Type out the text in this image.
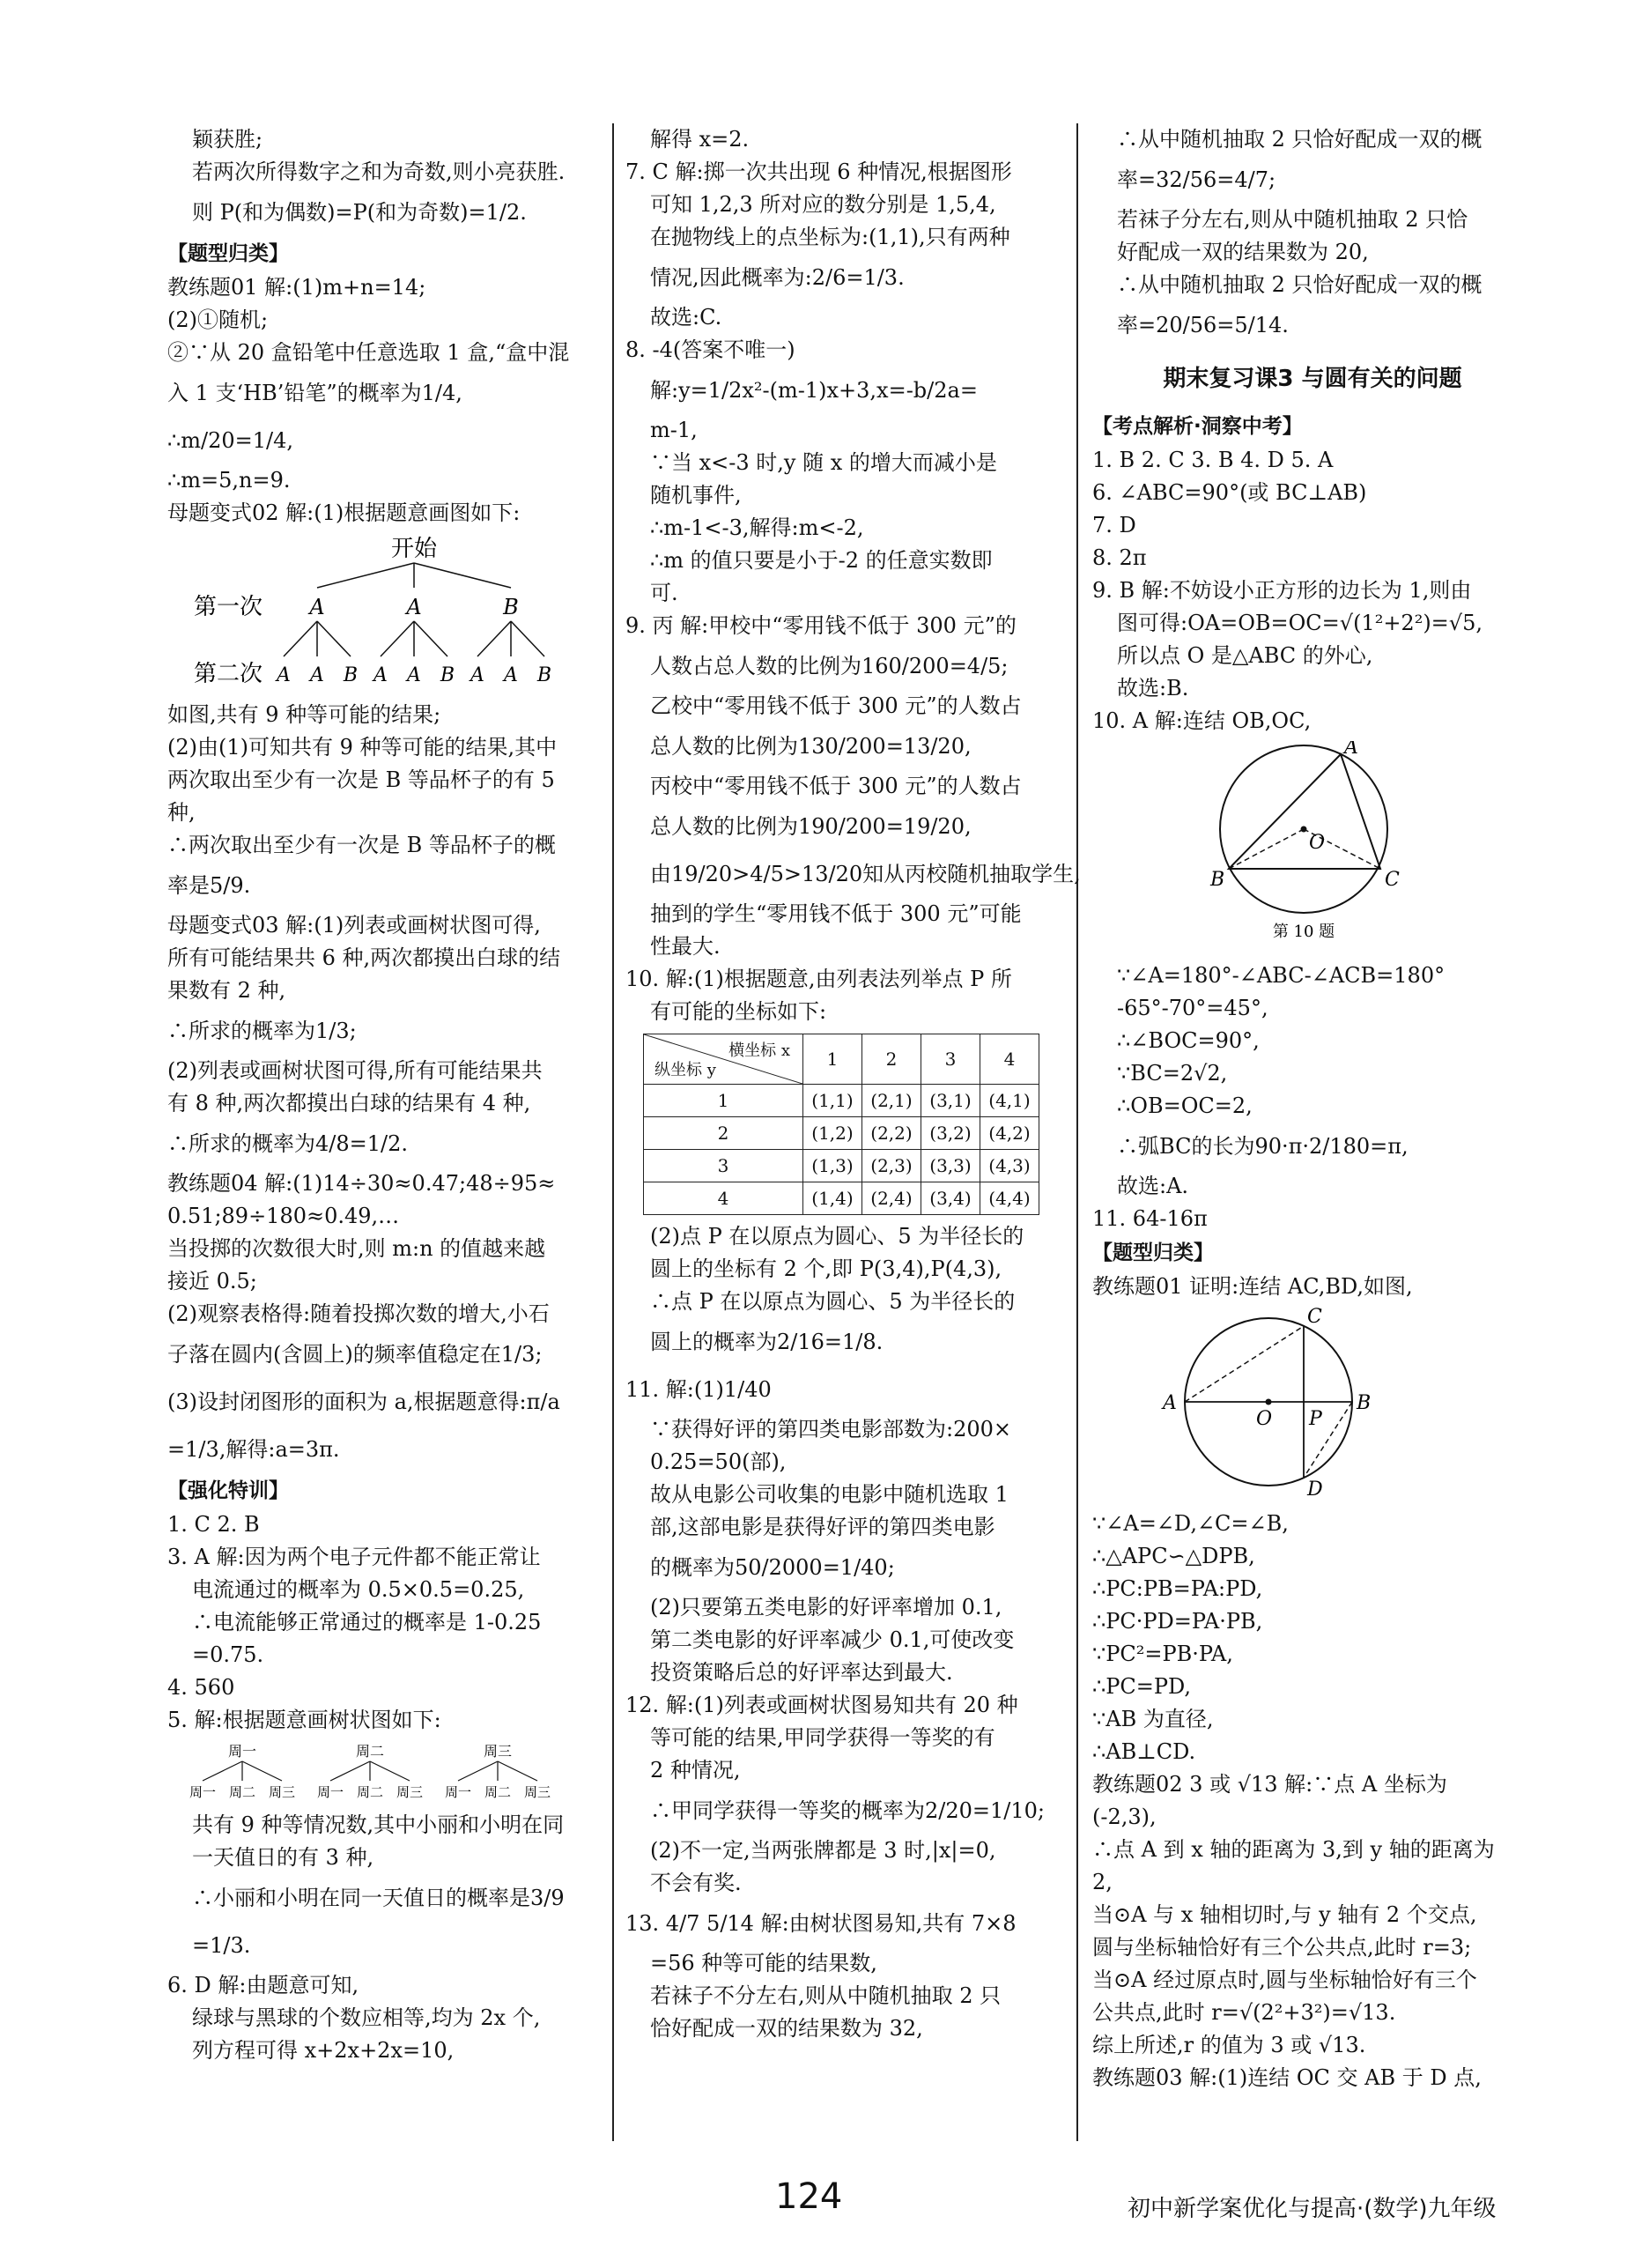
颖获胜;
若两次所得数字之和为奇数,则小亮获胜.
则 P(和为偶数)=P(和为奇数)=1/2.
【题型归类】
教练题01 解:(1)m+n=14;
(2)①随机;
②∵从 20 盒铅笔中任意选取 1 盒,“盒中混
入 1 支‘HB’铅笔”的概率为1/4,
∴m/20=1/4,
∴m=5,n=9.
母题变式02 解:(1)根据题意画图如下:
开始
第一次 A	A	B
第二次 A A B A A B A A B
如图,共有 9 种等可能的结果;
(2)由(1)可知共有 9 种等可能的结果,其中
两次取出至少有一次是 B 等品杯子的有 5
种,
∴两次取出至少有一次是 B 等品杯子的概
率是5/9.
母题变式03 解:(1)列表或画树状图可得,
所有可能结果共 6 种,两次都摸出白球的结
果数有 2 种,
∴所求的概率为1/3;
(2)列表或画树状图可得,所有可能结果共
有 8 种,两次都摸出白球的结果有 4 种,
∴所求的概率为4/8=1/2.
教练题04 解:(1)14÷30≈0.47;48÷95≈
0.51;89÷180≈0.49,…
当投掷的次数很大时,则 m:n 的值越来越
接近 0.5;
(2)观察表格得:随着投掷次数的增大,小石
子落在圆内(含圆上)的频率值稳定在1/3;
(3)设封闭图形的面积为 a,根据题意得:π/a
=1/3,解得:a=3π.
【强化特训】
1. C 2. B
3. A 解:因为两个电子元件都不能正常让
电流通过的概率为 0.5×0.5=0.25,
∴电流能够正常通过的概率是 1-0.25
=0.75.
4. 560
5. 解:根据题意画树状图如下:
周一	周二	周三
周一 周二 周三 周一 周二 周三 周一 周二 周三
共有 9 种等情况数,其中小丽和小明在同
一天值日的有 3 种,
∴小丽和小明在同一天值日的概率是3/9
=1/3.
6. D 解:由题意可知,
绿球与黑球的个数应相等,均为 2x 个,
列方程可得 x+2x+2x=10,
解得 x=2.
7. C 解:掷一次共出现 6 种情况,根据图形
可知 1,2,3 所对应的数分别是 1,5,4,
在抛物线上的点坐标为:(1,1),只有两种
情况,因此概率为:2/6=1/3.
故选:C.
8. -4(答案不唯一)
解:y=1/2x²-(m-1)x+3,x=-b/2a=
m-1,
∵当 x<-3 时,y 随 x 的增大而减小是
随机事件,
∴m-1<-3,解得:m<-2,
∴m 的值只要是小于-2 的任意实数即
可.
9. 丙 解:甲校中“零用钱不低于 300 元”的
人数占总人数的比例为160/200=4/5;
乙校中“零用钱不低于 300 元”的人数占
总人数的比例为130/200=13/20,
丙校中“零用钱不低于 300 元”的人数占
总人数的比例为190/200=19/20,
由19/20>4/5>13/20知从丙校随机抽取学生,
抽到的学生“零用钱不低于 300 元”可能
性最大.
10. 解:(1)根据题意,由列表法列举点 P 所
有可能的坐标如下:
横坐标 x
纵坐标 y	1	2	3	4
1	(1,1)	(2,1)	(3,1)	(4,1)
2	(1,2)	(2,2)	(3,2)	(4,2)
3	(1,3)	(2,3)	(3,3)	(4,3)
4	(1,4)	(2,4)	(3,4)	(4,4)
(2)点 P 在以原点为圆心、5 为半径长的
圆上的坐标有 2 个,即 P(3,4),P(4,3),
∴点 P 在以原点为圆心、5 为半径长的
圆上的概率为2/16=1/8.
11. 解:(1)1/40
∵获得好评的第四类电影部数为:200×
0.25=50(部),
故从电影公司收集的电影中随机选取 1
部,这部电影是获得好评的第四类电影
的概率为50/2000=1/40;
(2)只要第五类电影的好评率增加 0.1,
第二类电影的好评率减少 0.1,可使改变
投资策略后总的好评率达到最大.
12. 解:(1)列表或画树状图易知共有 20 种
等可能的结果,甲同学获得一等奖的有
2 种情况,
∴甲同学获得一等奖的概率为2/20=1/10;
(2)不一定,当两张牌都是 3 时,|x|=0,
不会有奖.
13. 4/7 5/14 解:由树状图易知,共有 7×8
=56 种等可能的结果数,
若袜子不分左右,则从中随机抽取 2 只
恰好配成一双的结果数为 32,
∴从中随机抽取 2 只恰好配成一双的概
率=32/56=4/7;
若袜子分左右,则从中随机抽取 2 只恰
好配成一双的结果数为 20,
∴从中随机抽取 2 只恰好配成一双的概
率=20/56=5/14.
期末复习课3 与圆有关的问题
【考点解析·洞察中考】
1. B 2. C 3. B 4. D 5. A
6. ∠ABC=90°(或 BC⊥AB)
7. D
8. 2π
9. B 解:不妨设小正方形的边长为 1,则由
图可得:OA=OB=OC=√(1²+2²)=√5,
所以点 O 是△ABC 的外心,
故选:B.
10. A 解:连结 OB,OC,
A
B	C
O
第 10 题
∵∠A=180°-∠ABC-∠ACB=180°
-65°-70°=45°,
∴∠BOC=90°,
∵BC=2√2,
∴OB=OC=2,
∴弧BC的长为90·π·2/180=π,
故选:A.
11. 64-16π
【题型归类】
教练题01 证明:连结 AC,BD,如图,
C
A	B
O P
D
∵∠A=∠D,∠C=∠B,
∴△APC∽△DPB,
∴PC:PB=PA:PD,
∴PC·PD=PA·PB,
∵PC²=PB·PA,
∴PC=PD,
∵AB 为直径,
∴AB⊥CD.
教练题02 3 或 √13 解:∵点 A 坐标为
(-2,3),
∴点 A 到 x 轴的距离为 3,到 y 轴的距离为
2,
当⊙A 与 x 轴相切时,与 y 轴有 2 个交点,
圆与坐标轴恰好有三个公共点,此时 r=3;
当⊙A 经过原点时,圆与坐标轴恰好有三个
公共点,此时 r=√(2²+3²)=√13.
综上所述,r 的值为 3 或 √13.
教练题03 解:(1)连结 OC 交 AB 于 D 点,
124	初中新学案优化与提高·(数学)九年级
